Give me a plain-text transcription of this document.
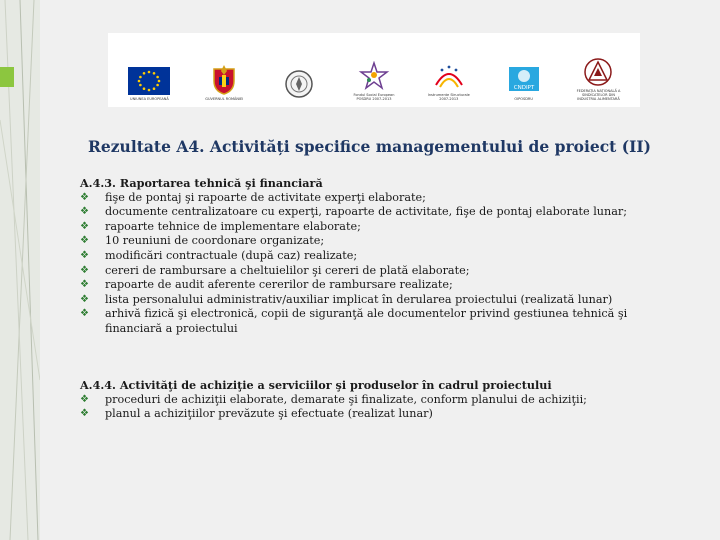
UNIUNEA EUROPEANĂ	GUVERNUL ROMÂNIEI
Fondul Social European
POSDRU 2007-2013
Instrumente Structurale
2007-2013
CNDIPT
OIPOSDRU
FEDERAȚIA NAȚIONALĂ A
SINDICATELOR DIN
INDUSTRIA ALIMENTARĂ
Rezultate A4. Activități specifice managementului de proiect (II)
A.4.3. Raportarea tehnică şi financiară
❖	fişe de pontaj şi rapoarte de activitate experţi elaborate;
❖	documente centralizatoare cu experţi, rapoarte de activitate, fişe de pontaj elaborate lunar;
❖	rapoarte tehnice de implementare elaborate;
❖	10 reuniuni de coordonare organizate;
❖	modificări contractuale (după caz) realizate;
❖	cereri de rambursare a cheltuielilor şi cereri de plată elaborate;
❖	rapoarte de audit aferente cererilor de rambursare realizate;
❖	lista personalului administrativ/auxiliar implicat în derularea proiectului (realizată lunar)
❖	arhivă fizică şi electronică, copii de siguranţă ale documentelor privind gestiunea tehnică şi financiară a proiectului
A.4.4. Activităţi de achiziţie a serviciilor şi produselor în cadrul proiectului
❖	proceduri de achiziţii elaborate, demarate şi finalizate, conform planului de achiziţii;
❖	planul a achiziţiilor prevăzute şi efectuate (realizat lunar)
